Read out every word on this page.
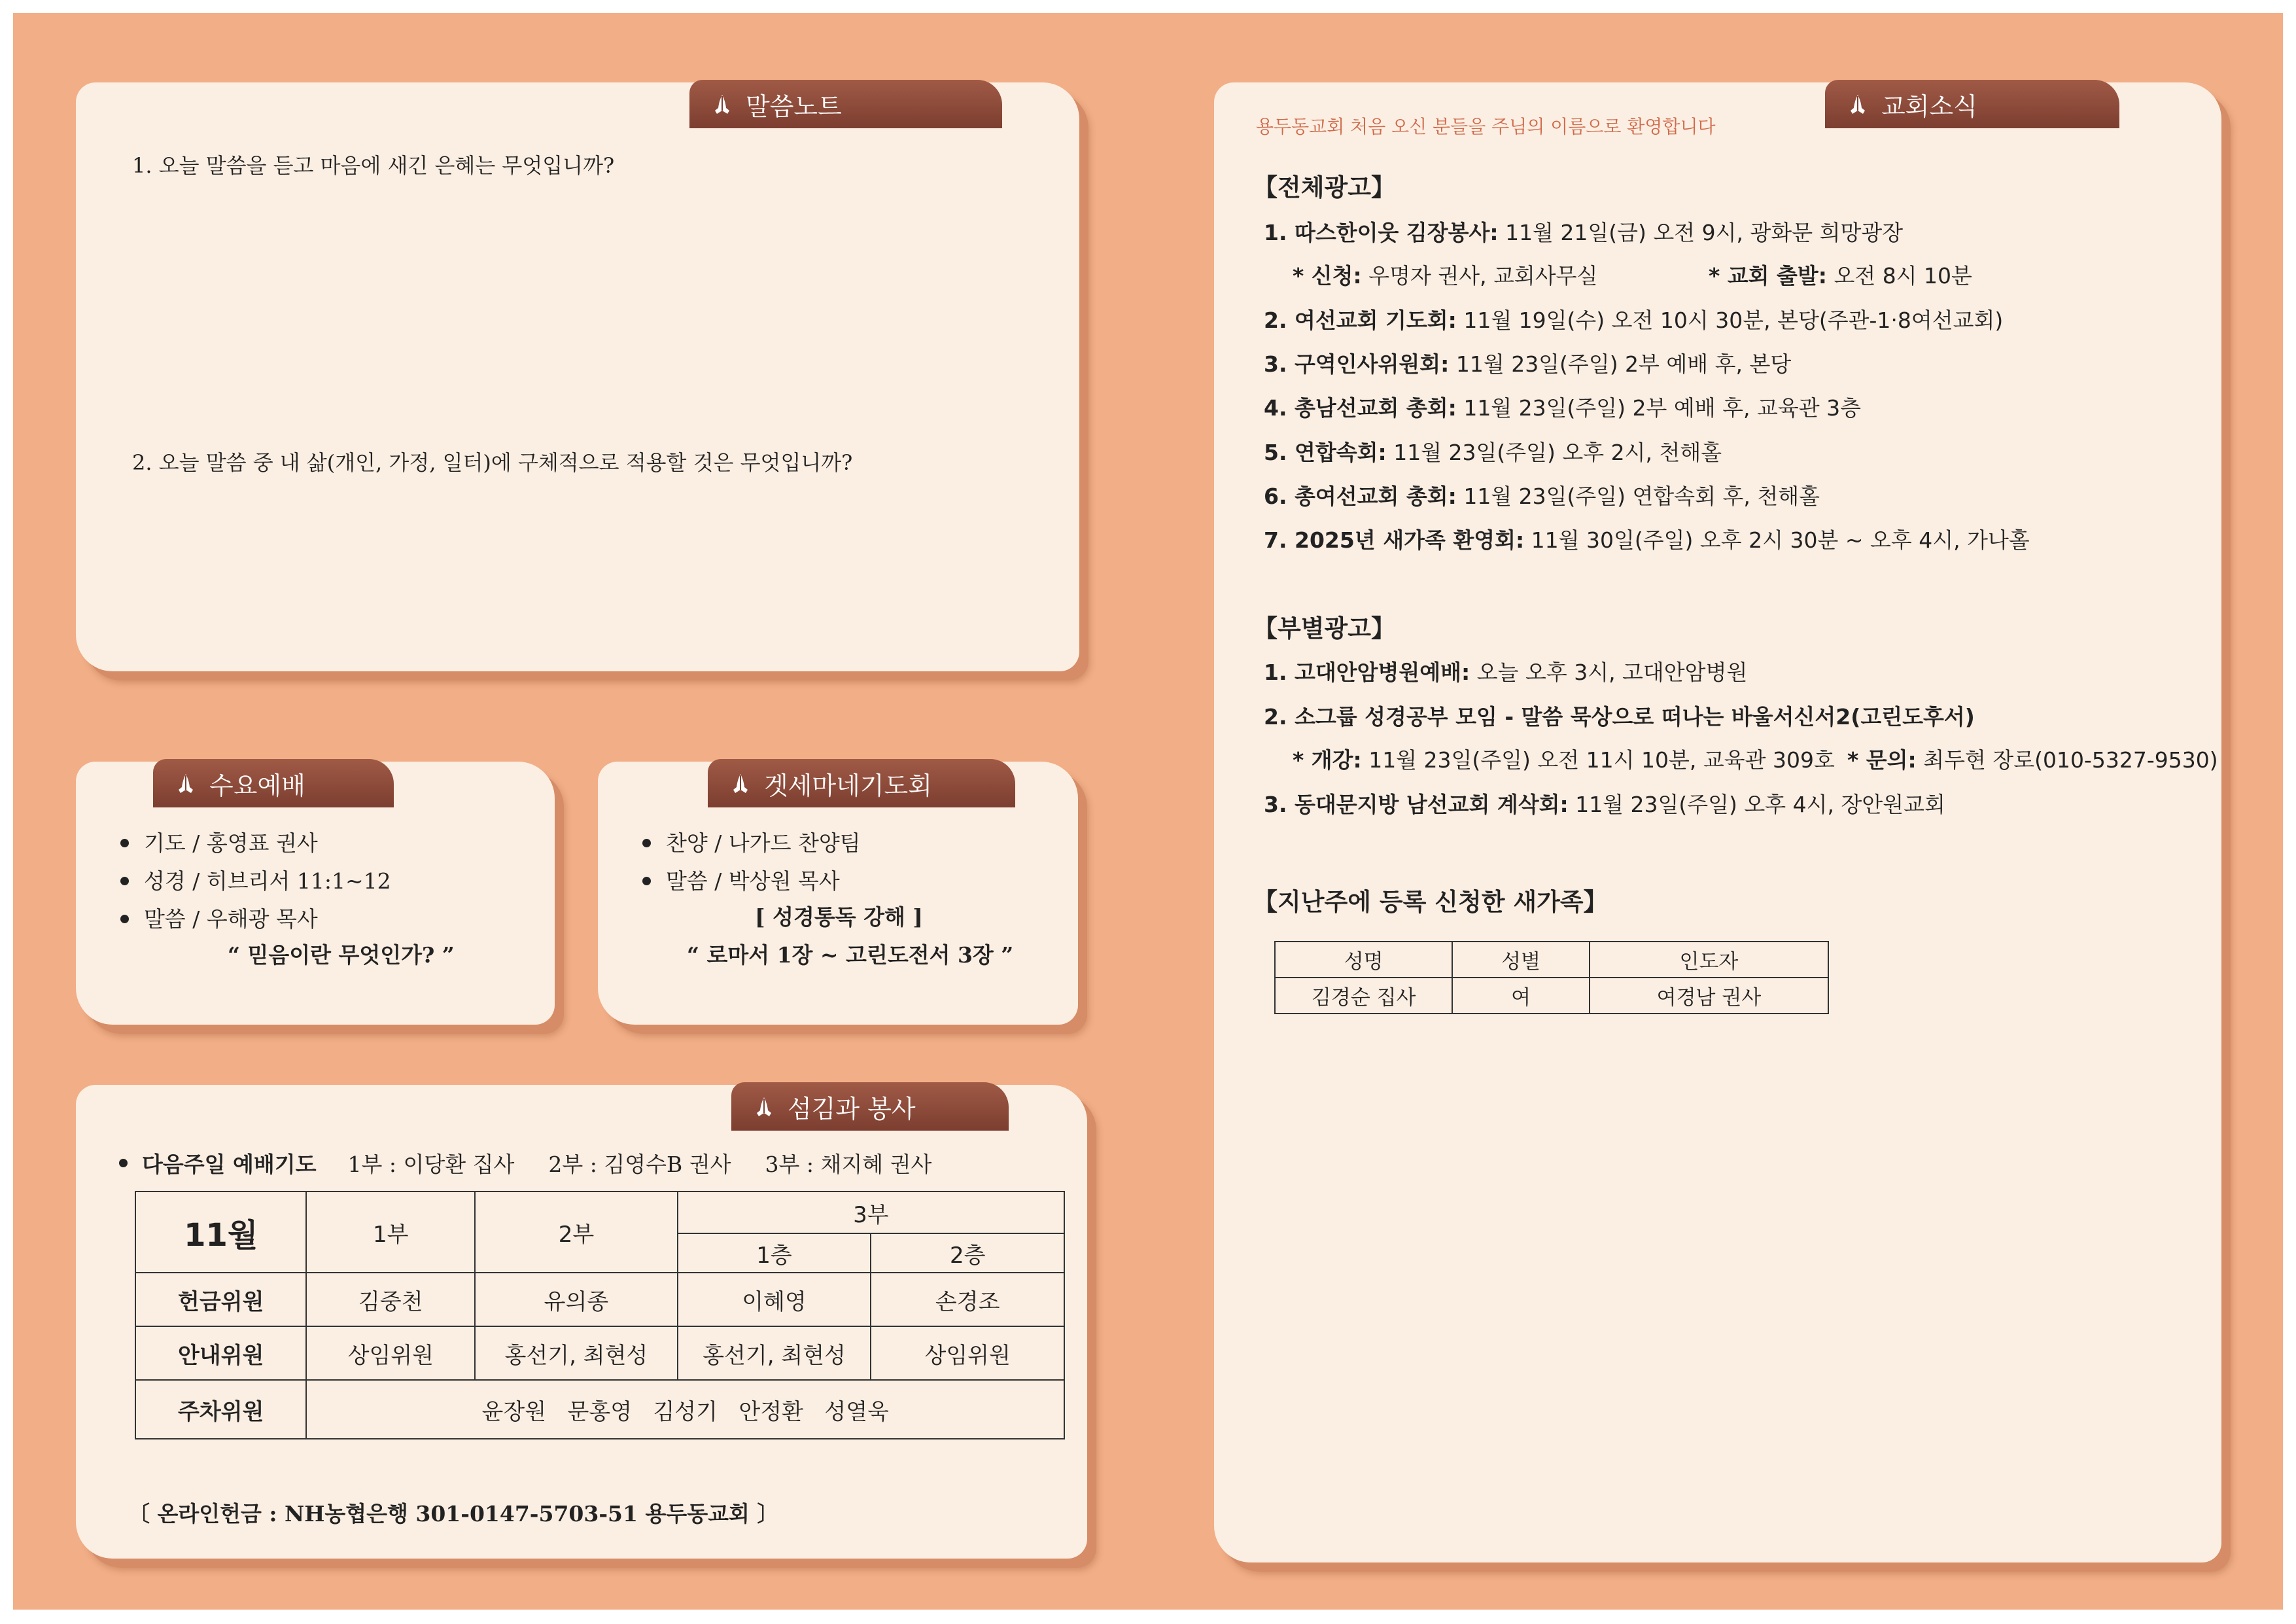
말씀노트
1. 오늘 말씀을 듣고 마음에 새긴 은혜는 무엇입니까?
2. 오늘 말씀 중 내 삶(개인, 가정, 일터)에 구체적으로 적용할 것은 무엇입니까?
수요예배
기도 / 홍영표 권사
성경 / 히브리서 11:1~12
말씀 / 우해광 목사
“ 믿음이란 무엇인가? ”
겟세마네기도회
찬양 / 나가드 찬양팀
말씀 / 박상원 목사
[ 성경통독 강해 ]
“ 로마서 1장 ~ 고린도전서 3장 ”
섬김과 봉사
다음주일 예배기도 1부 : 이당환 집사 2부 : 김영수B 권사 3부 : 채지혜 권사
11월	1부	2부	3부	
			1층	2층
헌금위원	김중천	유의종	이혜영	손경조
안내위원	상임위원	홍선기, 최현성	홍선기, 최현성	상임위원
주차위원	윤장원   문홍영   김성기   안정환   성열욱			
〔 온라인헌금 : NH농협은행 301-0147-5703-51 용두동교회 〕
교회소식
용두동교회 처음 오신 분들을 주님의 이름으로 환영합니다
【전체광고】
1. 따스한이웃 김장봉사: 11월 21일(금) 오전 9시, 광화문 희망광장
* 신청: 우명자 권사, 교회사무실	* 교회 출발: 오전 8시 10분
2. 여선교회 기도회: 11월 19일(수) 오전 10시 30분, 본당(주관-1‧8여선교회)
3. 구역인사위원회: 11월 23일(주일) 2부 예배 후, 본당
4. 총남선교회 총회: 11월 23일(주일) 2부 예배 후, 교육관 3층
5. 연합속회: 11월 23일(주일) 오후 2시, 천해홀
6. 총여선교회 총회: 11월 23일(주일) 연합속회 후, 천해홀
7. 2025년 새가족 환영회: 11월 30일(주일) 오후 2시 30분 ~ 오후 4시, 가나홀
【부별광고】
1. 고대안암병원예배: 오늘 오후 3시, 고대안암병원
2. 소그룹 성경공부 모임 - 말씀 묵상으로 떠나는 바울서신서2(고린도후서)
* 개강: 11월 23일(주일) 오전 11시 10분, 교육관 309호 * 문의: 최두현 장로(010-5327-9530)
3. 동대문지방 남선교회 계삭회: 11월 23일(주일) 오후 4시, 장안원교회
【지난주에 등록 신청한 새가족】
성명	성별	인도자
김경순 집사	여	여경남 권사
